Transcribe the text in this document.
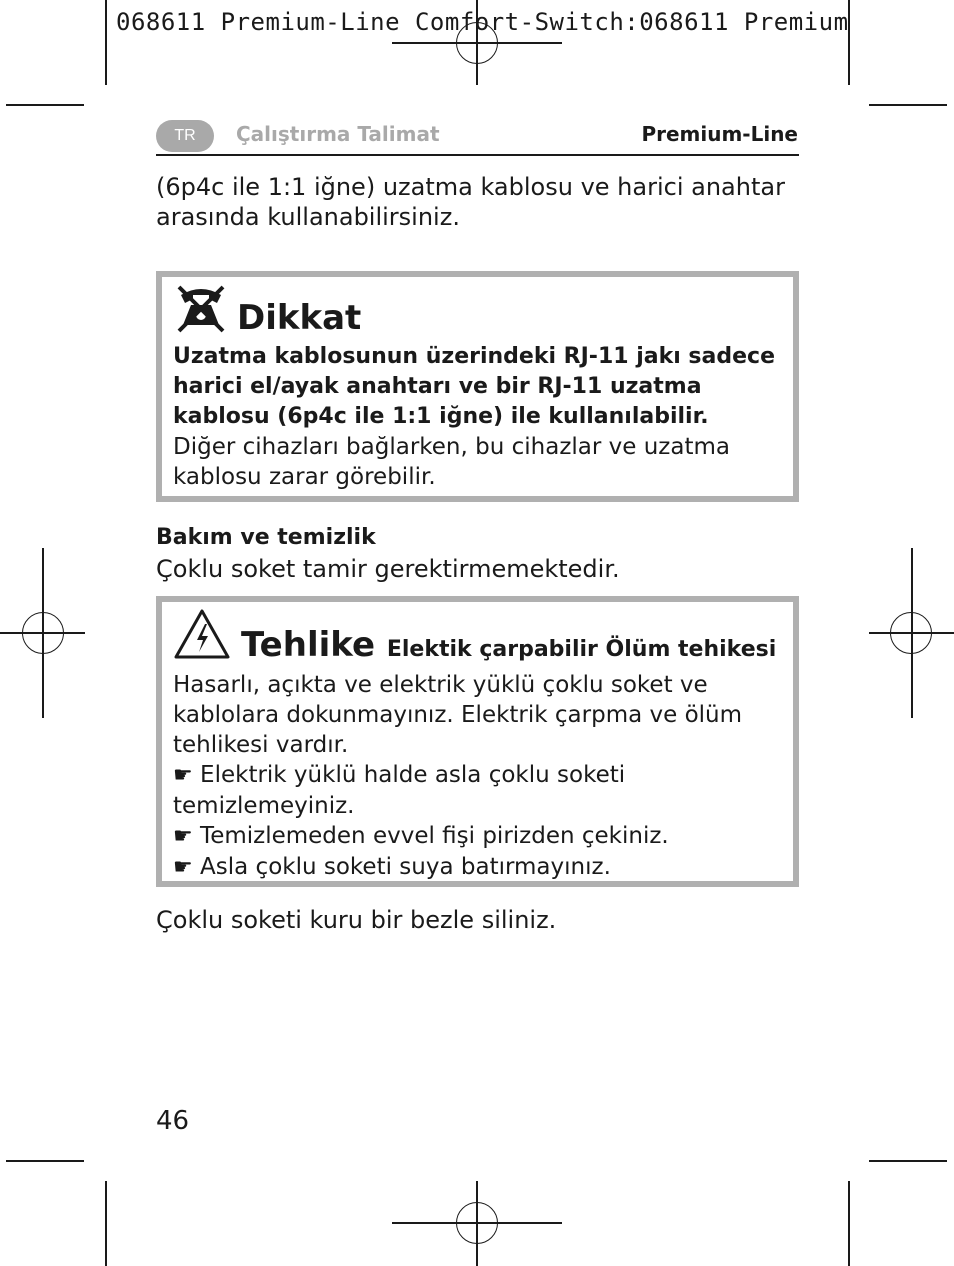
068611 Premium-Line Comfort-Switch:068611 Premium
TR Çalıştırma Talimat	Premium-Line
(6p4c ile 1:1 iğne) uzatma kablosu ve harici anahtar arasında kullanabilirsiniz.
Dikkat
Uzatma kablosunun üzerindeki RJ-11 jakı sadece harici el/ayak anahtarı ve bir RJ-11 uzatma kablosu (6p4c ile 1:1 iğne) ile kullanılabilir.
Diğer cihazları bağlarken, bu cihazlar ve uzatma kablosu zarar görebilir.
Bakım ve temizlik
Çoklu soket tamir gerektirmemektedir.
Tehlike Elektik çarpabilir Ölüm tehikesi
Hasarlı, açıkta ve elektrik yüklü çoklu soket ve kablolara dokunmayınız. Elektrik çarpma ve ölüm tehlikesi vardır.
☛ Elektrik yüklü halde asla çoklu soketi temizlemeyiniz.
☛ Temizlemeden evvel fişi pirizden çekiniz.
☛ Asla çoklu soketi suya batırmayınız.
Çoklu soketi kuru bir bezle siliniz.
46
